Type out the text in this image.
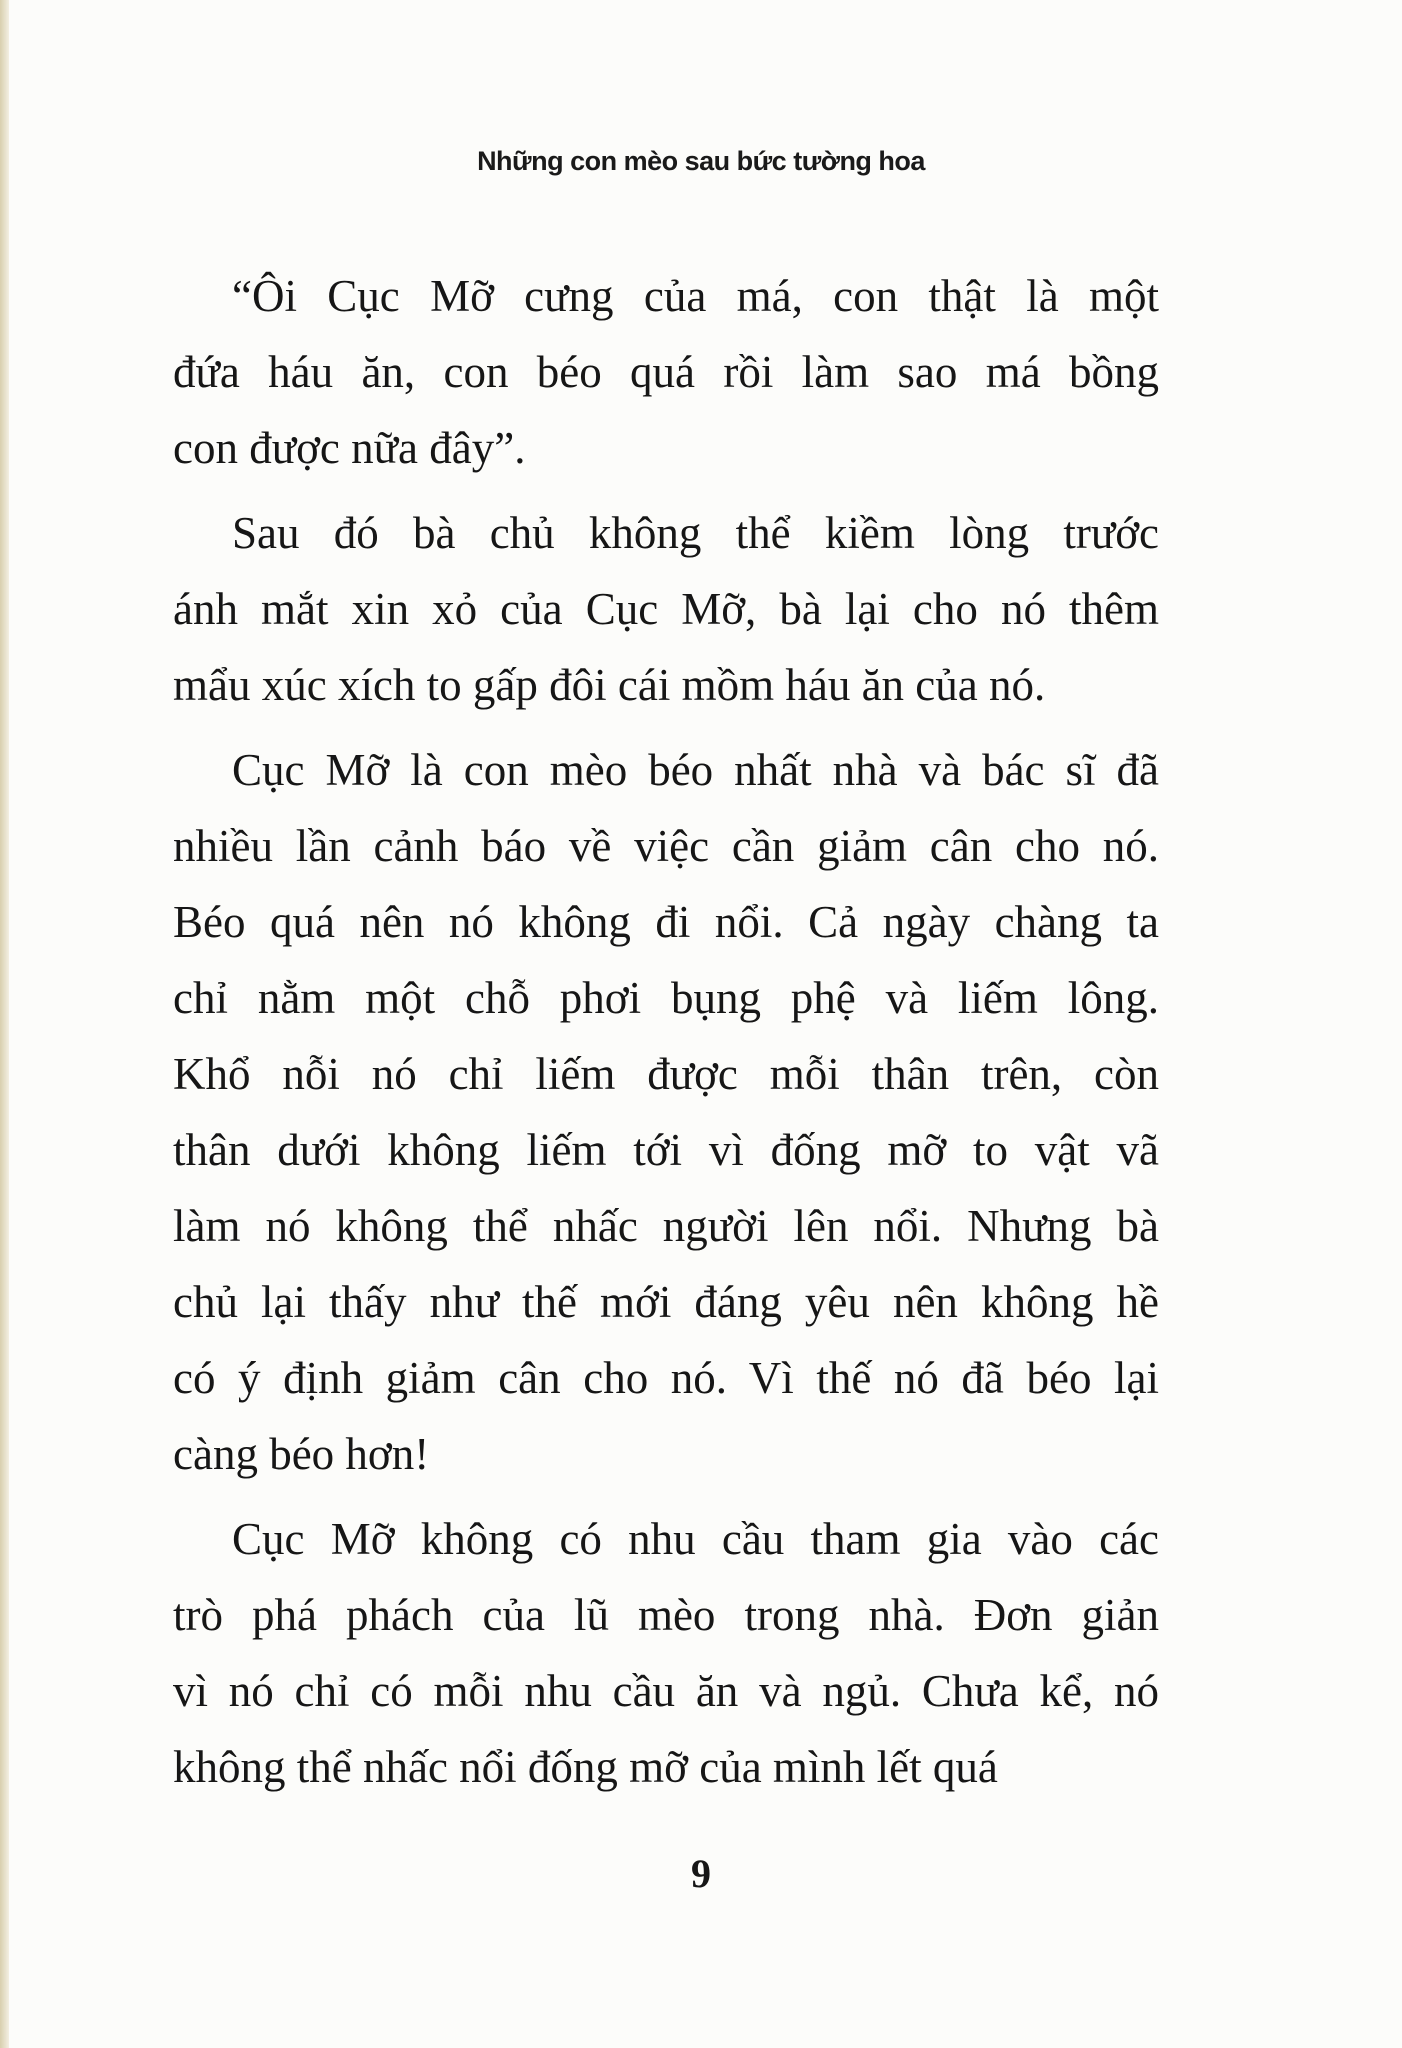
Những con mèo sau bức tường hoa
“Ôi Cục Mỡ cưng của má, con thật là một
đứa háu ăn, con béo quá rồi làm sao má bồng
con được nữa đây”.
Sau đó bà chủ không thể kiềm lòng trước
ánh mắt xin xỏ của Cục Mỡ, bà lại cho nó thêm
mẩu xúc xích to gấp đôi cái mồm háu ăn của nó.
Cục Mỡ là con mèo béo nhất nhà và bác sĩ đã
nhiều lần cảnh báo về việc cần giảm cân cho nó.
Béo quá nên nó không đi nổi. Cả ngày chàng ta
chỉ nằm một chỗ phơi bụng phệ và liếm lông.
Khổ nỗi nó chỉ liếm được mỗi thân trên, còn
thân dưới không liếm tới vì đống mỡ to vật vã
làm nó không thể nhấc người lên nổi. Nhưng bà
chủ lại thấy như thế mới đáng yêu nên không hề
có ý định giảm cân cho nó. Vì thế nó đã béo lại
càng béo hơn!
Cục Mỡ không có nhu cầu tham gia vào các
trò phá phách của lũ mèo trong nhà. Đơn giản
vì nó chỉ có mỗi nhu cầu ăn và ngủ. Chưa kể, nó
không thể nhấc nổi đống mỡ của mình lết quá
9
